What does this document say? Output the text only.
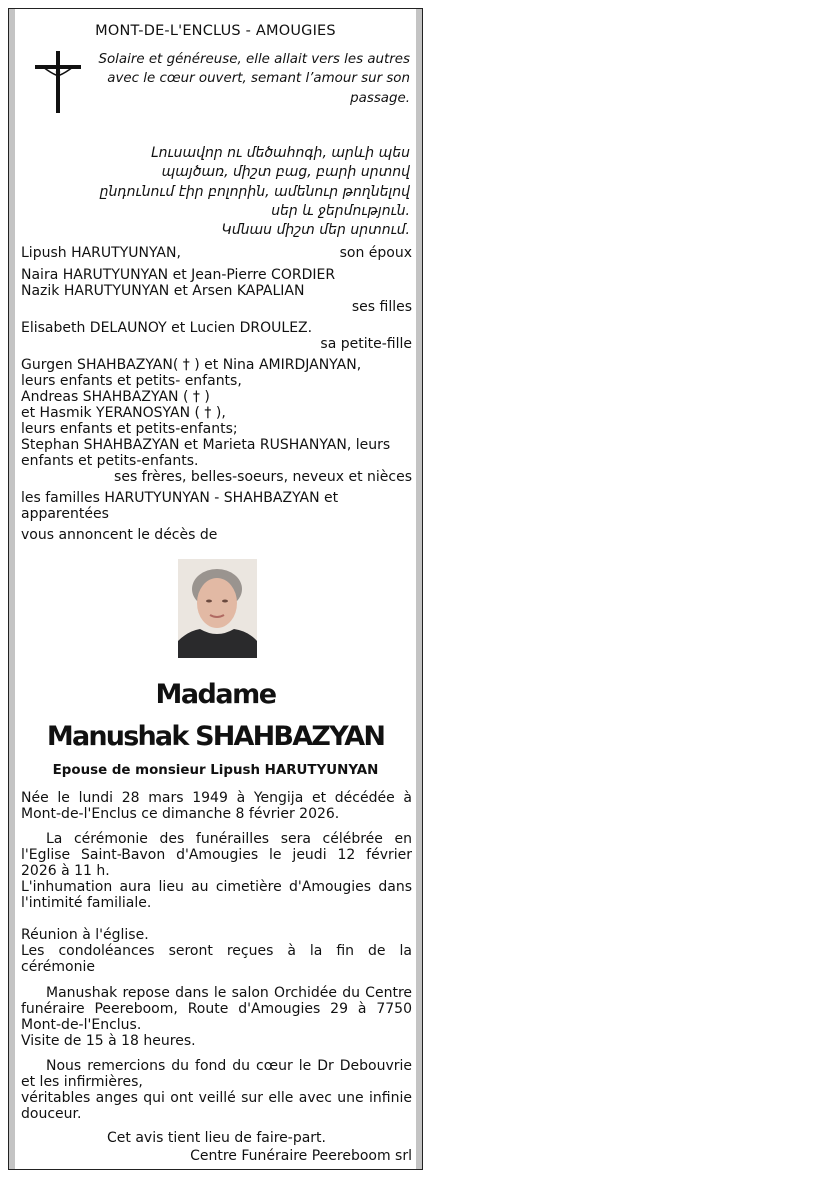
MONT-DE-L'ENCLUS - AMOUGIES
Solaire et généreuse, elle allait vers les autres
avec le cœur ouvert, semant l’amour sur son
passage.
Լուսավոր ու մեծահոգի, արևի պես
պայծառ, միշտ բաց, բարի սրտով
ընդունում էիր բոլորին, ամենուր թողնելով
սեր և ջերմություն.
Կմնաս միշտ մեր սրտում.
Lipush HARUTYUNYAN,	son époux
Naira HARUTYUNYAN et Jean-Pierre CORDIER
Nazik HARUTYUNYAN et Arsen KAPALIAN
ses filles
Elisabeth DELAUNOY et Lucien DROULEZ.
sa petite-fille
Gurgen SHAHBAZYAN( † ) et Nina AMIRDJANYAN,
leurs enfants et petits- enfants,
Andreas SHAHBAZYAN ( † )
et Hasmik YERANOSYAN ( † ),
leurs enfants et petits-enfants;
Stephan SHAHBAZYAN et Marieta RUSHANYAN, leurs
enfants et petits-enfants.
ses frères, belles-soeurs, neveux et nièces
les familles HARUTYUNYAN - SHAHBAZYAN et
apparentées
vous annoncent le décès de
Madame
Manushak SHAHBAZYAN
Epouse de monsieur Lipush HARUTYUNYAN
Née le lundi 28 mars 1949 à Yengija et décédée à
Mont-de-l'Enclus ce dimanche 8 février 2026.
La cérémonie des funérailles sera célébrée en l'Eglise Saint-Bavon d'Amougies le jeudi 12 février 2026 à 11 h.
L'inhumation aura lieu au cimetière d'Amougies dans l'intimité familiale.
Réunion à l'église.
Les condoléances seront reçues à la fin de la cérémonie
Manushak repose dans le salon Orchidée du Centre funéraire Peereboom, Route d'Amougies 29 à 7750 Mont-de-l'Enclus.
Visite de 15 à 18 heures.
Nous remercions du fond du cœur le Dr Debouvrie et les infirmières,
véritables anges qui ont veillé sur elle avec une infinie douceur.
Cet avis tient lieu de faire-part.
Centre Funéraire Peereboom srl
